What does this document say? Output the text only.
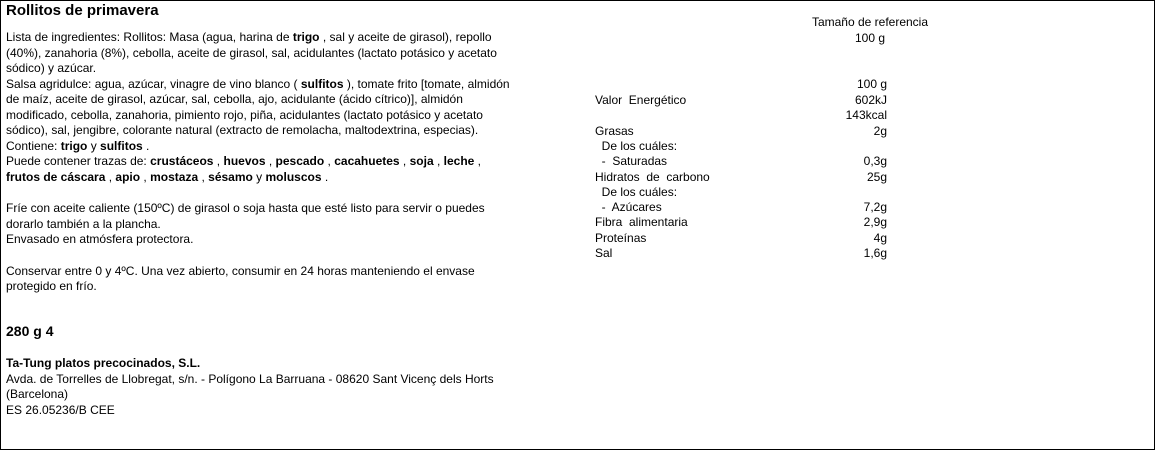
Rollitos de primavera
Lista de ingredientes: Rollitos: Masa (agua, harina de trigo , sal y aceite de girasol), repollo
(40%), zanahoria (8%), cebolla, aceite de girasol, sal, acidulantes (lactato potásico y acetato
sódico) y azúcar.
Salsa agridulce: agua, azúcar, vinagre de vino blanco ( sulfitos ), tomate frito [tomate, almidón
de maíz, aceite de girasol, azúcar, sal, cebolla, ajo, acidulante (ácido cítrico)], almidón
modificado, cebolla, zanahoria, pimiento rojo, piña, acidulantes (lactato potásico y acetato
sódico), sal, jengibre, colorante natural (extracto de remolacha, maltodextrina, especias).
Contiene: trigo y sulfitos .
Puede contener trazas de: crustáceos , huevos , pescado , cacahuetes , soja , leche ,
frutos de cáscara , apio , mostaza , sésamo y moluscos .
Fríe con aceite caliente (150ºC) de girasol o soja hasta que esté listo para servir o puedes
dorarlo también a la plancha.
Envasado en atmósfera protectora.
Conservar entre 0 y 4ºC. Una vez abierto, consumir en 24 horas manteniendo el envase
protegido en frío.
280 g 4
Ta-Tung platos precocinados, S.L.
Avda. de Torrelles de Llobregat, s/n. - Polígono La Barruana - 08620 Sant Vicenç dels Horts
(Barcelona)
ES 26.05236/B CEE
Tamaño de referencia
100 g
100 g
Valor  Energético	602kJ
143kcal
Grasas	2g
De los cuáles:
-  Saturadas	0,3g
Hidratos  de  carbono	25g
De los cuáles:
-  Azúcares	7,2g
Fibra  alimentaria	2,9g
Proteínas	4g
Sal	1,6g
